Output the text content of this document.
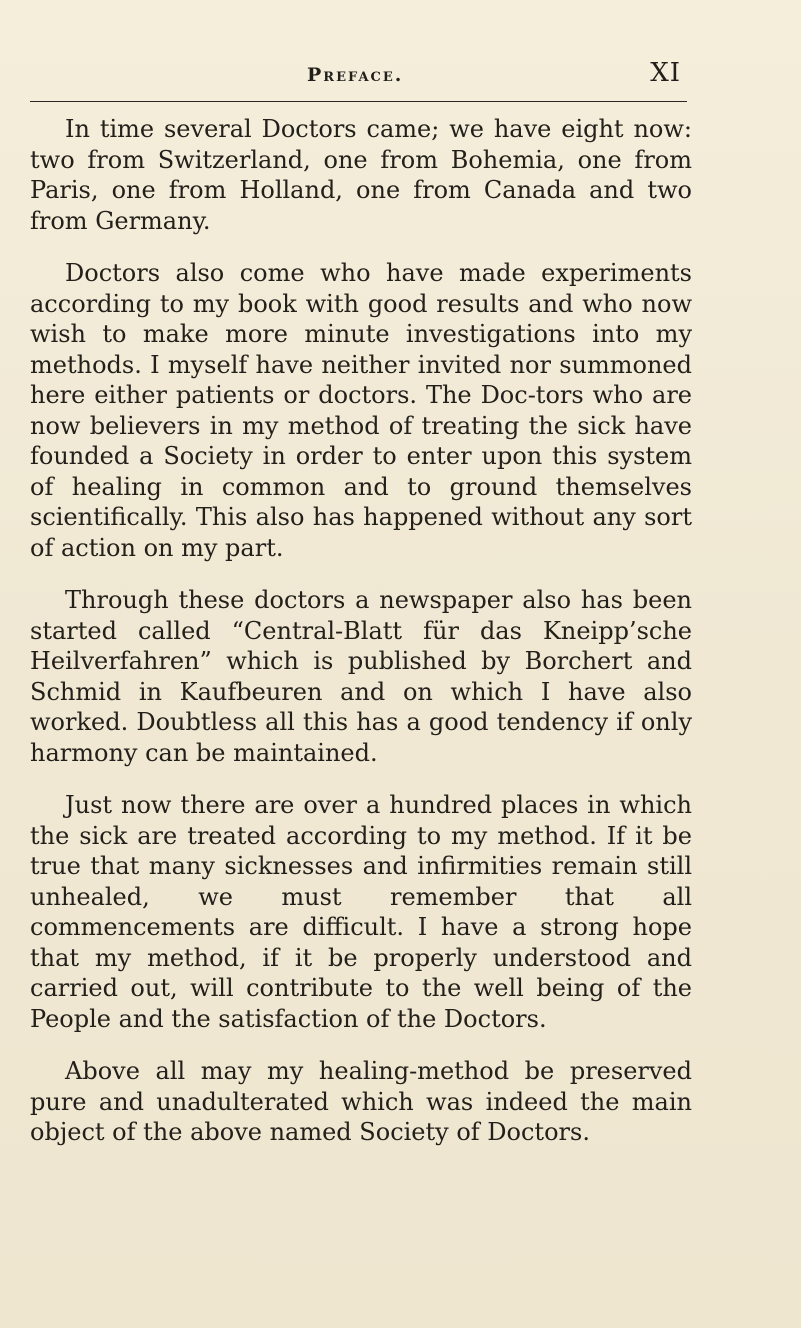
Preface.	XI

In time several Doctors came; we have eight now: two from Switzerland, one from Bohemia, one from Paris, one from Holland, one from Canada and two from Germany.

Doctors also come who have made experiments according to my book with good results and who now wish to make more minute investigations into my methods. I myself have neither invited nor summoned here either patients or doctors. The Doc-tors who are now believers in my method of treating the sick have founded a Society in order to enter upon this system of healing in common and to ground themselves scientifically. This also has happened without any sort of action on my part.

Through these doctors a newspaper also has been started called “Central-Blatt für das Kneipp’sche Heilverfahren” which is published by Borchert and Schmid in Kaufbeuren and on which I have also worked. Doubtless all this has a good tendency if only harmony can be maintained.

Just now there are over a hundred places in which the sick are treated according to my method. If it be true that many sicknesses and infirmities remain still unhealed, we must remember that all commencements are difficult. I have a strong hope that my method, if it be properly understood and carried out, will contribute to the well being of the People and the satisfaction of the Doctors.

Above all may my healing-method be preserved pure and unadulterated which was indeed the main object of the above named Society of Doctors.
